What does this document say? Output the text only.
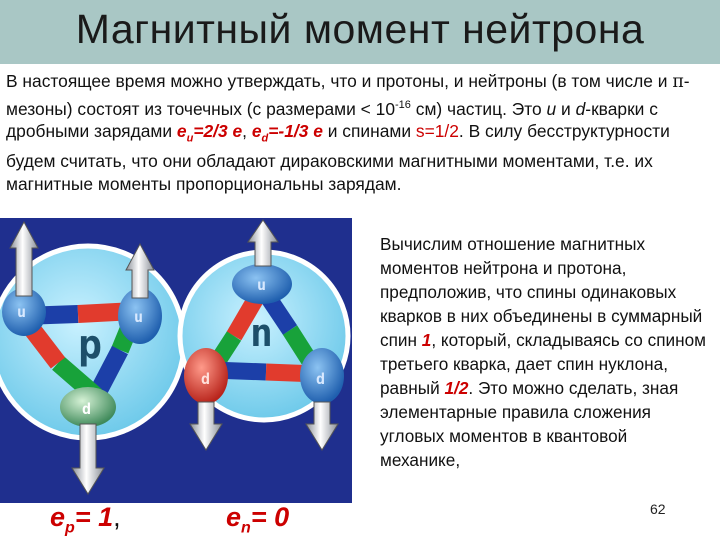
Магнитный момент нейтрона
В настоящее время можно утверждать, что и протоны, и нейтроны (в том числе и π-мезоны) состоят из точечных (с размерами < $10^{-16}$ см) частиц. Это u и d-кварки с дробными зарядами $e_u=2/3$ e, $e_d=-1/3$ e и спинами s=1/2. В силу бесструктурности будем считать, что они обладают дираковскими магнитными моментами, т.е. их магнитные моменты пропорциональны зарядам.
p
u	u
d
n
u
d	d
Вычислим отношение магнитных моментов нейтрона и протона, предположив, что спины одинаковых кварков в них объединены в суммарный спин 1, который, складываясь со спином третьего кварка, дает спин нуклона, равный 1/2. Это можно сделать, зная элементарные правила сложения угловых моментов в квантовой механике,
62
$e_p= 1$,	$e_n= 0$
